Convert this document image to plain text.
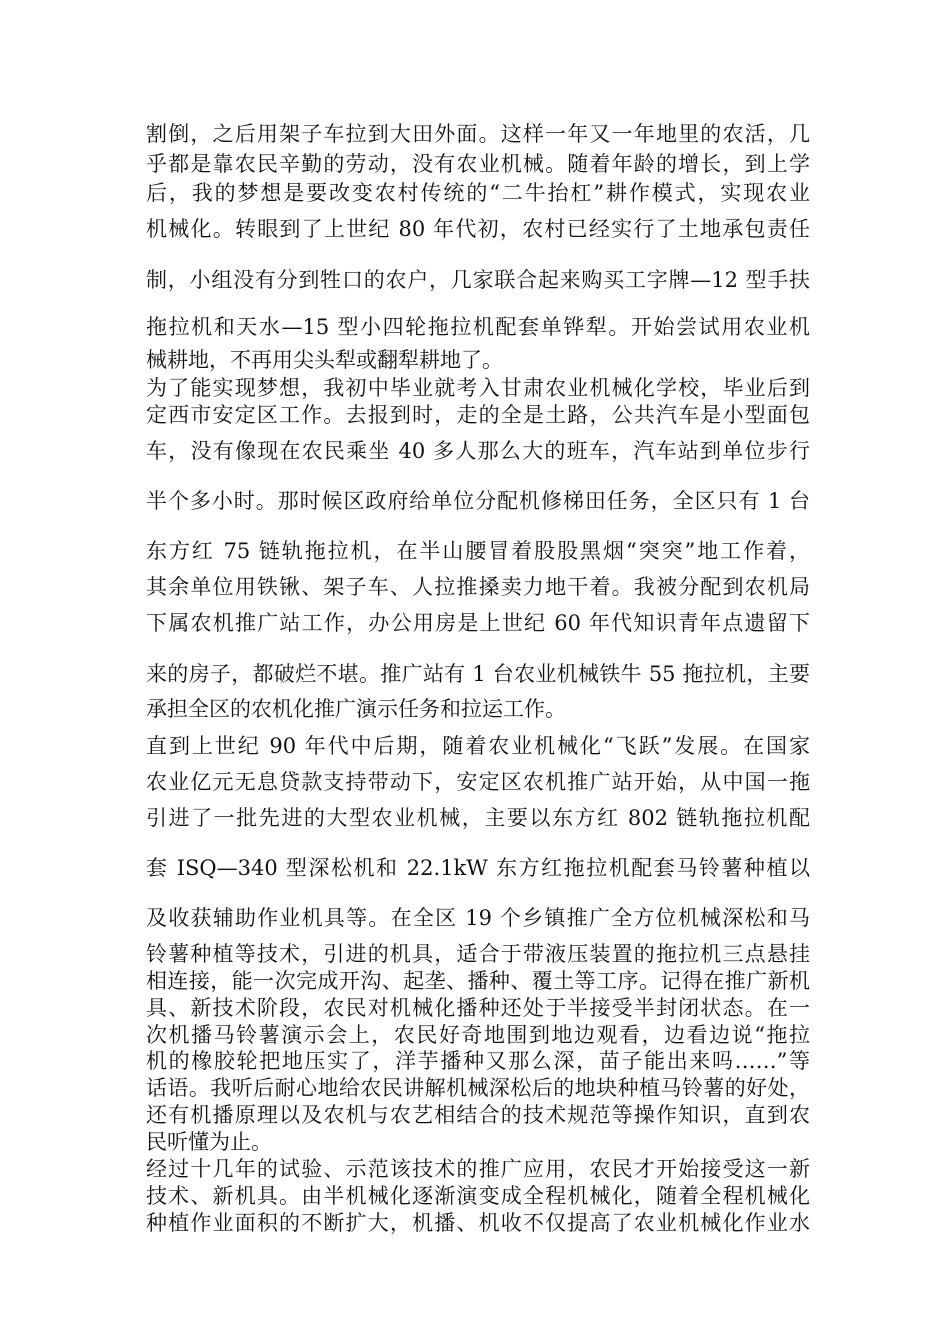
割倒，之后用架子车拉到大田外面。这样一年又一年地里的农活，几
乎都是靠农民辛勤的劳动，没有农业机械。随着年龄的增长，到上学
后，我的梦想是要改变农村传统的“二牛抬杠”耕作模式，实现农业
机械化。转眼到了上世纪 80 年代初，农村已经实行了土地承包责任
制，小组没有分到牲口的农户，几家联合起来购买工字牌—12 型手扶
拖拉机和天水—15 型小四轮拖拉机配套单铧犁。开始尝试用农业机
械耕地，不再用尖头犁或翻犁耕地了。
为了能实现梦想，我初中毕业就考入甘肃农业机械化学校，毕业后到
定西市安定区工作。去报到时，走的全是土路，公共汽车是小型面包
车，没有像现在农民乘坐 40 多人那么大的班车，汽车站到单位步行
半个多小时。那时候区政府给单位分配机修梯田任务，全区只有 1 台
东方红 75 链轨拖拉机，在半山腰冒着股股黑烟“突突”地工作着，
其余单位用铁锹、架子车、人拉推搡卖力地干着。我被分配到农机局
下属农机推广站工作，办公用房是上世纪 60 年代知识青年点遗留下
来的房子，都破烂不堪。推广站有 1 台农业机械铁牛 55 拖拉机，主要
承担全区的农机化推广演示任务和拉运工作。
直到上世纪 90 年代中后期，随着农业机械化“飞跃”发展。在国家
农业亿元无息贷款支持带动下，安定区农机推广站开始，从中国一拖
引进了一批先进的大型农业机械，主要以东方红 802 链轨拖拉机配
套 ISQ—340 型深松机和 22.1kW 东方红拖拉机配套马铃薯种植以
及收获辅助作业机具等。在全区 19 个乡镇推广全方位机械深松和马
铃薯种植等技术，引进的机具，适合于带液压装置的拖拉机三点悬挂
相连接，能一次完成开沟、起垄、播种、覆土等工序。记得在推广新机
具、新技术阶段，农民对机械化播种还处于半接受半封闭状态。在一
次机播马铃薯演示会上，农民好奇地围到地边观看，边看边说“拖拉
机的橡胶轮把地压实了，洋芋播种又那么深，苗子能出来吗……”等
话语。我听后耐心地给农民讲解机械深松后的地块种植马铃薯的好处，
还有机播原理以及农机与农艺相结合的技术规范等操作知识，直到农
民听懂为止。
经过十几年的试验、示范该技术的推广应用，农民才开始接受这一新
技术、新机具。由半机械化逐渐演变成全程机械化，随着全程机械化
种植作业面积的不断扩大，机播、机收不仅提高了农业机械化作业水
